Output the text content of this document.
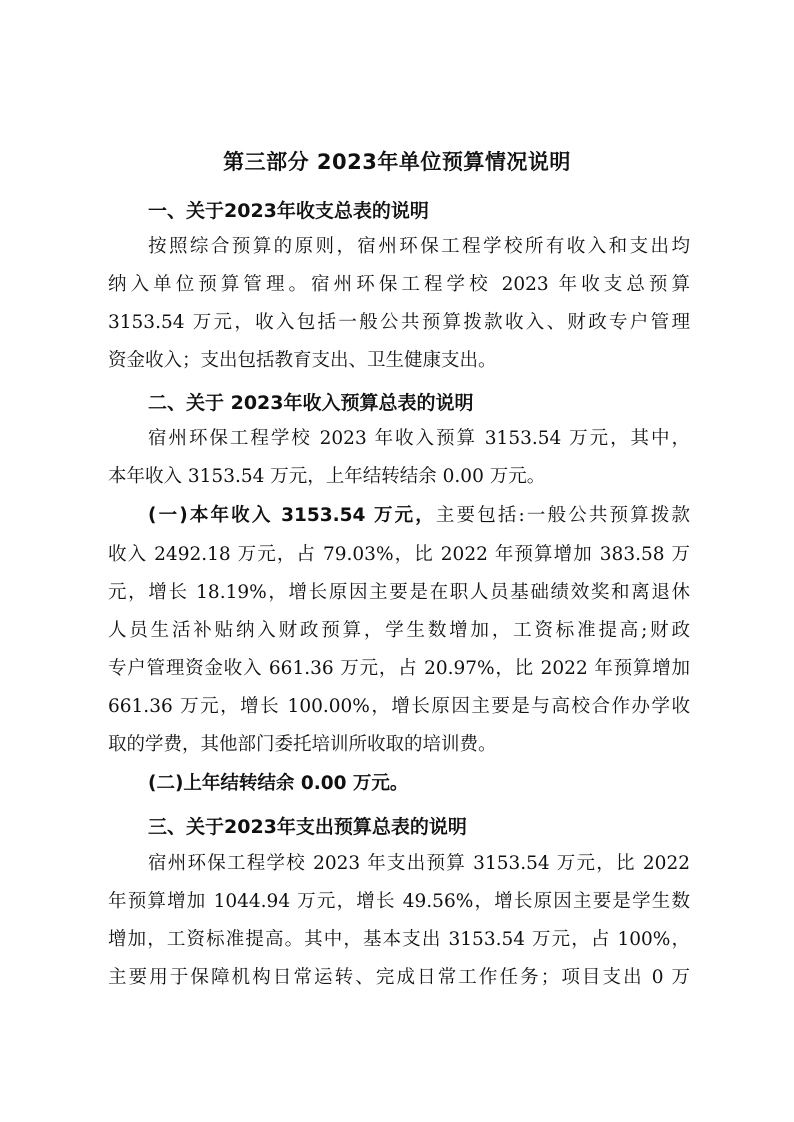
第三部分 2023年单位预算情况说明
一、关于2023年收支总表的说明
按照综合预算的原则，宿州环保工程学校所有收入和支出均
纳入单位预算管理。宿州环保工程学校 2023 年收支总预算
3153.54 万元，收入包括一般公共预算拨款收入、财政专户管理
资金收入；支出包括教育支出、卫生健康支出。
二、关于 2023年收入预算总表的说明
宿州环保工程学校 2023 年收入预算 3153.54 万元，其中，
本年收入 3153.54 万元，上年结转结余 0.00 万元。
(一)本年收入 3153.54 万元，主要包括:一般公共预算拨款
收入 2492.18 万元，占 79.03%，比 2022 年预算增加 383.58 万
元，增长 18.19%，增长原因主要是在职人员基础绩效奖和离退休
人员生活补贴纳入财政预算，学生数增加，工资标准提高;财政
专户管理资金收入 661.36 万元，占 20.97%，比 2022 年预算增加
661.36 万元，增长 100.00%，增长原因主要是与高校合作办学收
取的学费，其他部门委托培训所收取的培训费。
(二)上年结转结余 0.00 万元。
三、关于2023年支出预算总表的说明
宿州环保工程学校 2023 年支出预算 3153.54 万元，比 2022
年预算增加 1044.94 万元，增长 49.56%，增长原因主要是学生数
增加，工资标准提高。其中，基本支出 3153.54 万元，占 100%，
主要用于保障机构日常运转、完成日常工作任务；项目支出 0 万
